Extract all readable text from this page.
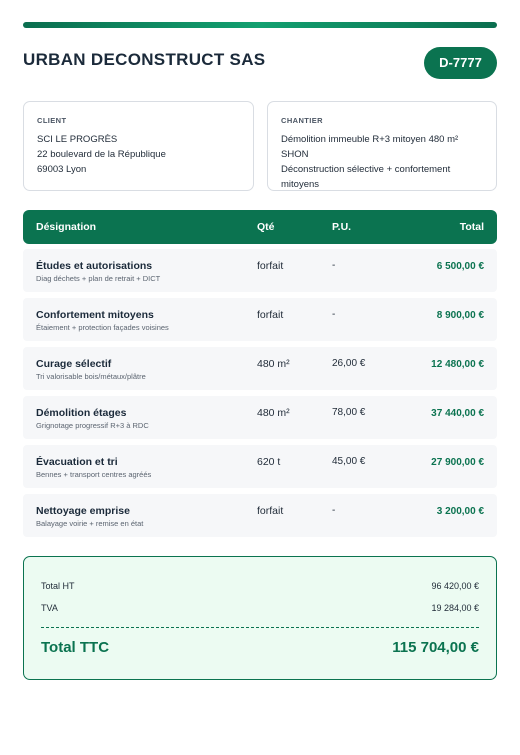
URBAN DECONSTRUCT SAS	D-7777
CLIENT
SCI LE PROGRÈS
22 boulevard de la République
69003 Lyon
CHANTIER
Démolition immeuble R+3 mitoyen 480 m² SHON
Déconstruction sélective + confortement
mitoyens
Désignation	Qté	P.U.	Total
Études et autorisations
Diag déchets + plan de retrait + DICT
forfait	-	6 500,00 €
Confortement mitoyens
Étaiement + protection façades voisines
forfait	-	8 900,00 €
Curage sélectif
Tri valorisable bois/métaux/plâtre
480 m²	26,00 €	12 480,00 €
Démolition étages
Grignotage progressif R+3 à RDC
480 m²	78,00 €	37 440,00 €
Évacuation et tri
Bennes + transport centres agréés
620 t	45,00 €	27 900,00 €
Nettoyage emprise
Balayage voirie + remise en état
forfait	-	3 200,00 €
Total HT	96 420,00 €
TVA	19 284,00 €
Total TTC	115 704,00 €
